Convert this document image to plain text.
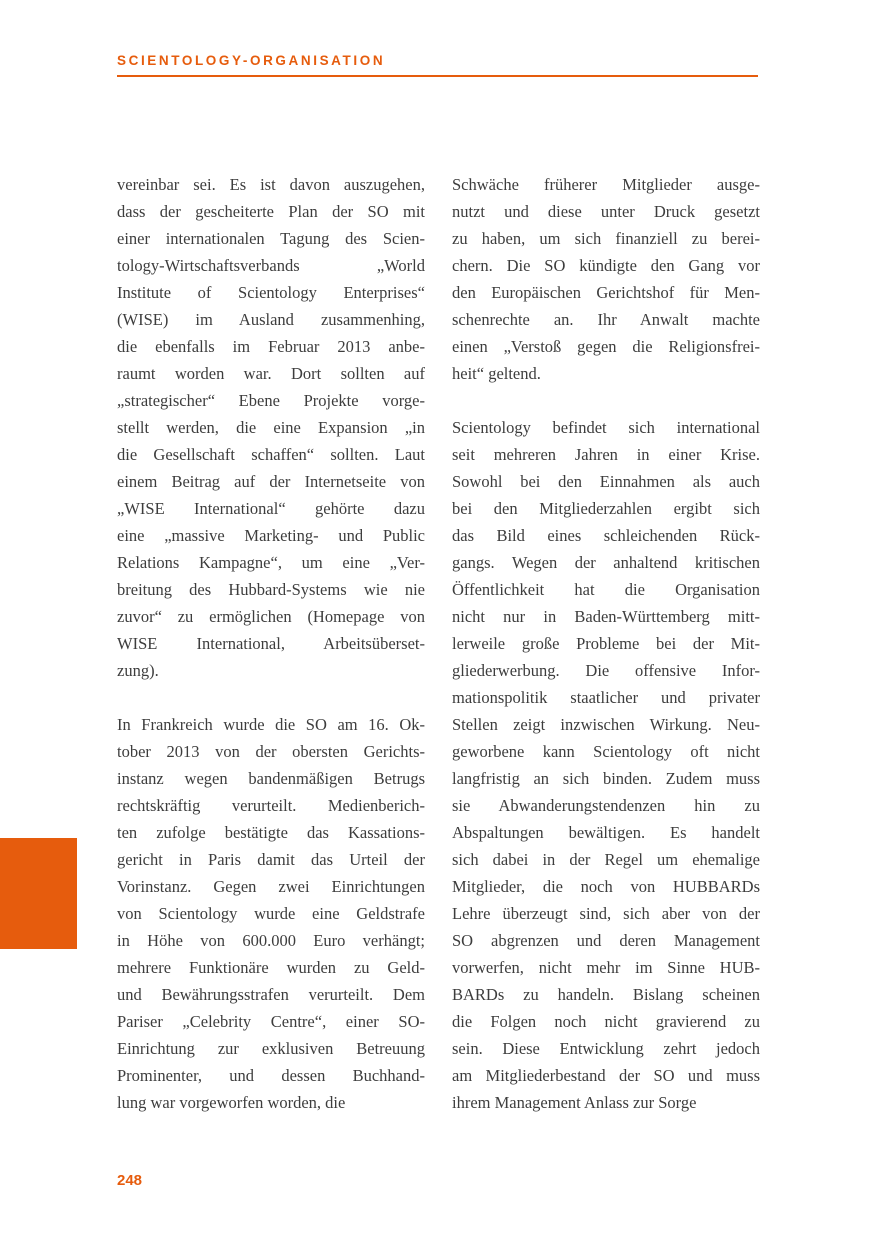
SCIENTOLOGY-ORGANISATION

vereinbar sei. Es ist davon auszugehen,
dass der gescheiterte Plan der SO mit
einer internationalen Tagung des Scien-
tology-Wirtschaftsverbands „World
Institute of Scientology Enterprises“
(WISE) im Ausland zusammenhing,
die ebenfalls im Februar 2013 anbe-
raumt worden war. Dort sollten auf
„strategischer“ Ebene Projekte vorge-
stellt werden, die eine Expansion „in
die Gesellschaft schaffen“ sollten. Laut
einem Beitrag auf der Internetseite von
„WISE International“ gehörte dazu
eine „massive Marketing- und Public
Relations Kampagne“, um eine „Ver-
breitung des Hubbard-Systems wie nie
zuvor“ zu ermöglichen (Homepage von
WISE International, Arbeitsüberset-
zung).

In Frankreich wurde die SO am 16. Ok-
tober 2013 von der obersten Gerichts-
instanz wegen bandenmäßigen Betrugs
rechtskräftig verurteilt. Medienberich-
ten zufolge bestätigte das Kassations-
gericht in Paris damit das Urteil der
Vorinstanz. Gegen zwei Einrichtungen
von Scientology wurde eine Geldstrafe
in Höhe von 600.000 Euro verhängt;
mehrere Funktionäre wurden zu Geld-
und Bewährungsstrafen verurteilt. Dem
Pariser „Celebrity Centre“, einer SO-
Einrichtung zur exklusiven Betreuung
Prominenter, und dessen Buchhand-
lung war vorgeworfen worden, die

Schwäche früherer Mitglieder ausge-
nutzt und diese unter Druck gesetzt
zu haben, um sich finanziell zu berei-
chern. Die SO kündigte den Gang vor
den Europäischen Gerichtshof für Men-
schenrechte an. Ihr Anwalt machte
einen „Verstoß gegen die Religionsfrei-
heit“ geltend.

Scientology befindet sich international
seit mehreren Jahren in einer Krise.
Sowohl bei den Einnahmen als auch
bei den Mitgliederzahlen ergibt sich
das Bild eines schleichenden Rück-
gangs. Wegen der anhaltend kritischen
Öffentlichkeit hat die Organisation
nicht nur in Baden-Württemberg mitt-
lerweile große Probleme bei der Mit-
gliederwerbung. Die offensive Infor-
mationspolitik staatlicher und privater
Stellen zeigt inzwischen Wirkung. Neu-
geworbene kann Scientology oft nicht
langfristig an sich binden. Zudem muss
sie Abwanderungstendenzen hin zu
Abspaltungen bewältigen. Es handelt
sich dabei in der Regel um ehemalige
Mitglieder, die noch von HUBBARDs
Lehre überzeugt sind, sich aber von der
SO abgrenzen und deren Management
vorwerfen, nicht mehr im Sinne HUB-
BARDs zu handeln. Bislang scheinen
die Folgen noch nicht gravierend zu
sein. Diese Entwicklung zehrt jedoch
am Mitgliederbestand der SO und muss
ihrem Management Anlass zur Sorge

248
